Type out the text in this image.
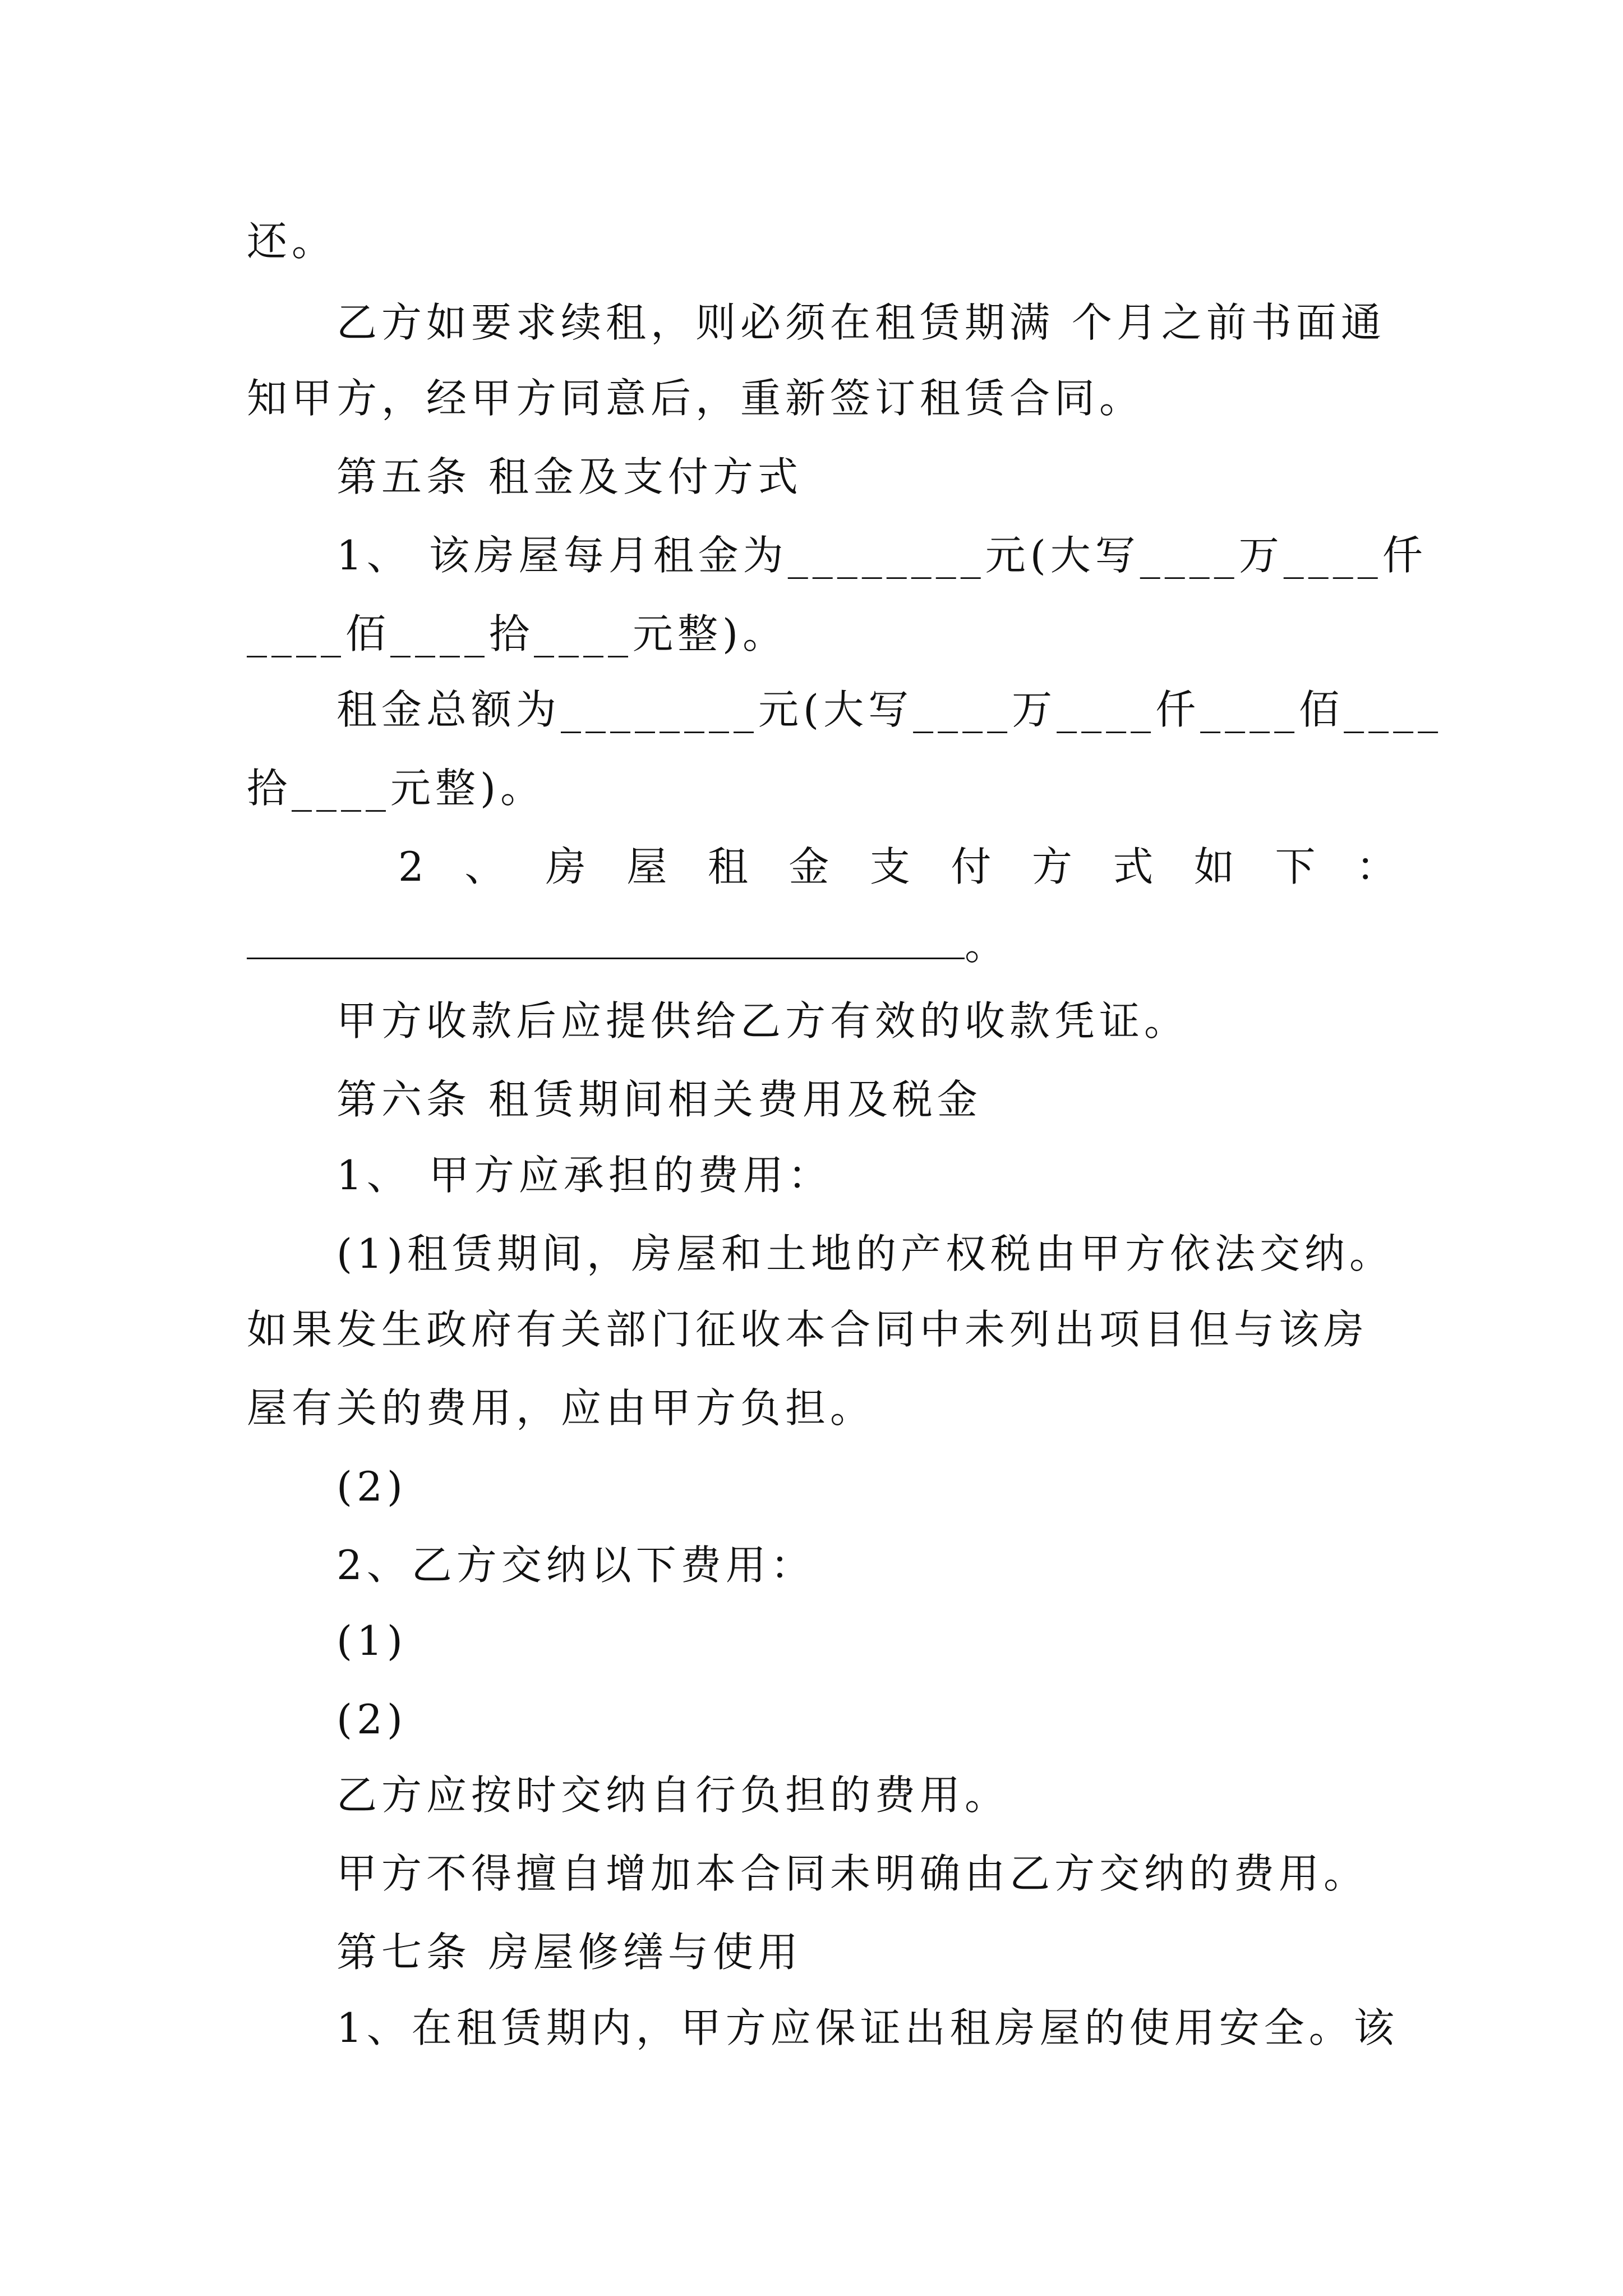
还。
乙方如要求续租，则必须在租赁期满 个月之前书面通
知甲方，经甲方同意后，重新签订租赁合同。
第五条 租金及支付方式
1、 该房屋每月租金为________元(大写____万____仟
____佰____拾____元整)。
租金总额为________元(大写____万____仟____佰____
拾____元整)。
2 、 房 屋 租 金 支 付 方 式 如 下 ：
。
甲方收款后应提供给乙方有效的收款凭证。
第六条 租赁期间相关费用及税金
1、 甲方应承担的费用：
(1)租赁期间，房屋和土地的产权税由甲方依法交纳。
如果发生政府有关部门征收本合同中未列出项目但与该房
屋有关的费用，应由甲方负担。
(2)
2、乙方交纳以下费用：
(1)
(2)
乙方应按时交纳自行负担的费用。
甲方不得擅自增加本合同未明确由乙方交纳的费用。
第七条 房屋修缮与使用
1、在租赁期内，甲方应保证出租房屋的使用安全。该
